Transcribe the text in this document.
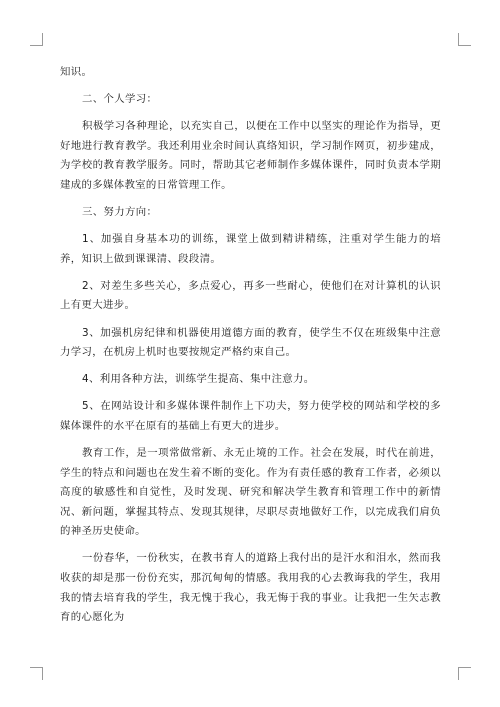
知识。

二、个人学习：

积极学习各种理论，以充实自己，以便在工作中以坚实的理论作为指导，更好地进行教育教学。我还利用业余时间认真络知识，学习制作网页，初步建成，为学校的教育教学服务。同时，帮助其它老师制作多媒体课件，同时负责本学期建成的多媒体教室的日常管理工作。

三、努力方向：

1、加强自身基本功的训练，课堂上做到精讲精练，注重对学生能力的培养，知识上做到课课清、段段清。

2、对差生多些关心，多点爱心，再多一些耐心，使他们在对计算机的认识上有更大进步。

3、加强机房纪律和机器使用道德方面的教育，使学生不仅在班级集中注意力学习，在机房上机时也要按规定严格约束自己。

4、利用各种方法，训练学生提高、集中注意力。

5、在网站设计和多媒体课件制作上下功夫，努力使学校的网站和学校的多媒体课件的水平在原有的基础上有更大的进步。

教育工作，是一项常做常新、永无止境的工作。社会在发展，时代在前进，学生的特点和问题也在发生着不断的变化。作为有责任感的教育工作者，必须以高度的敏感性和自觉性，及时发现、研究和解决学生教育和管理工作中的新情况、新问题，掌握其特点、发现其规律，尽职尽责地做好工作，以完成我们肩负的神圣历史使命。

一份春华，一份秋实，在教书育人的道路上我付出的是汗水和泪水，然而我收获的却是那一份份充实，那沉甸甸的情感。我用我的心去教诲我的学生，我用我的情去培育我的学生，我无愧于我心，我无悔于我的事业。让我把一生矢志教育的心愿化为
